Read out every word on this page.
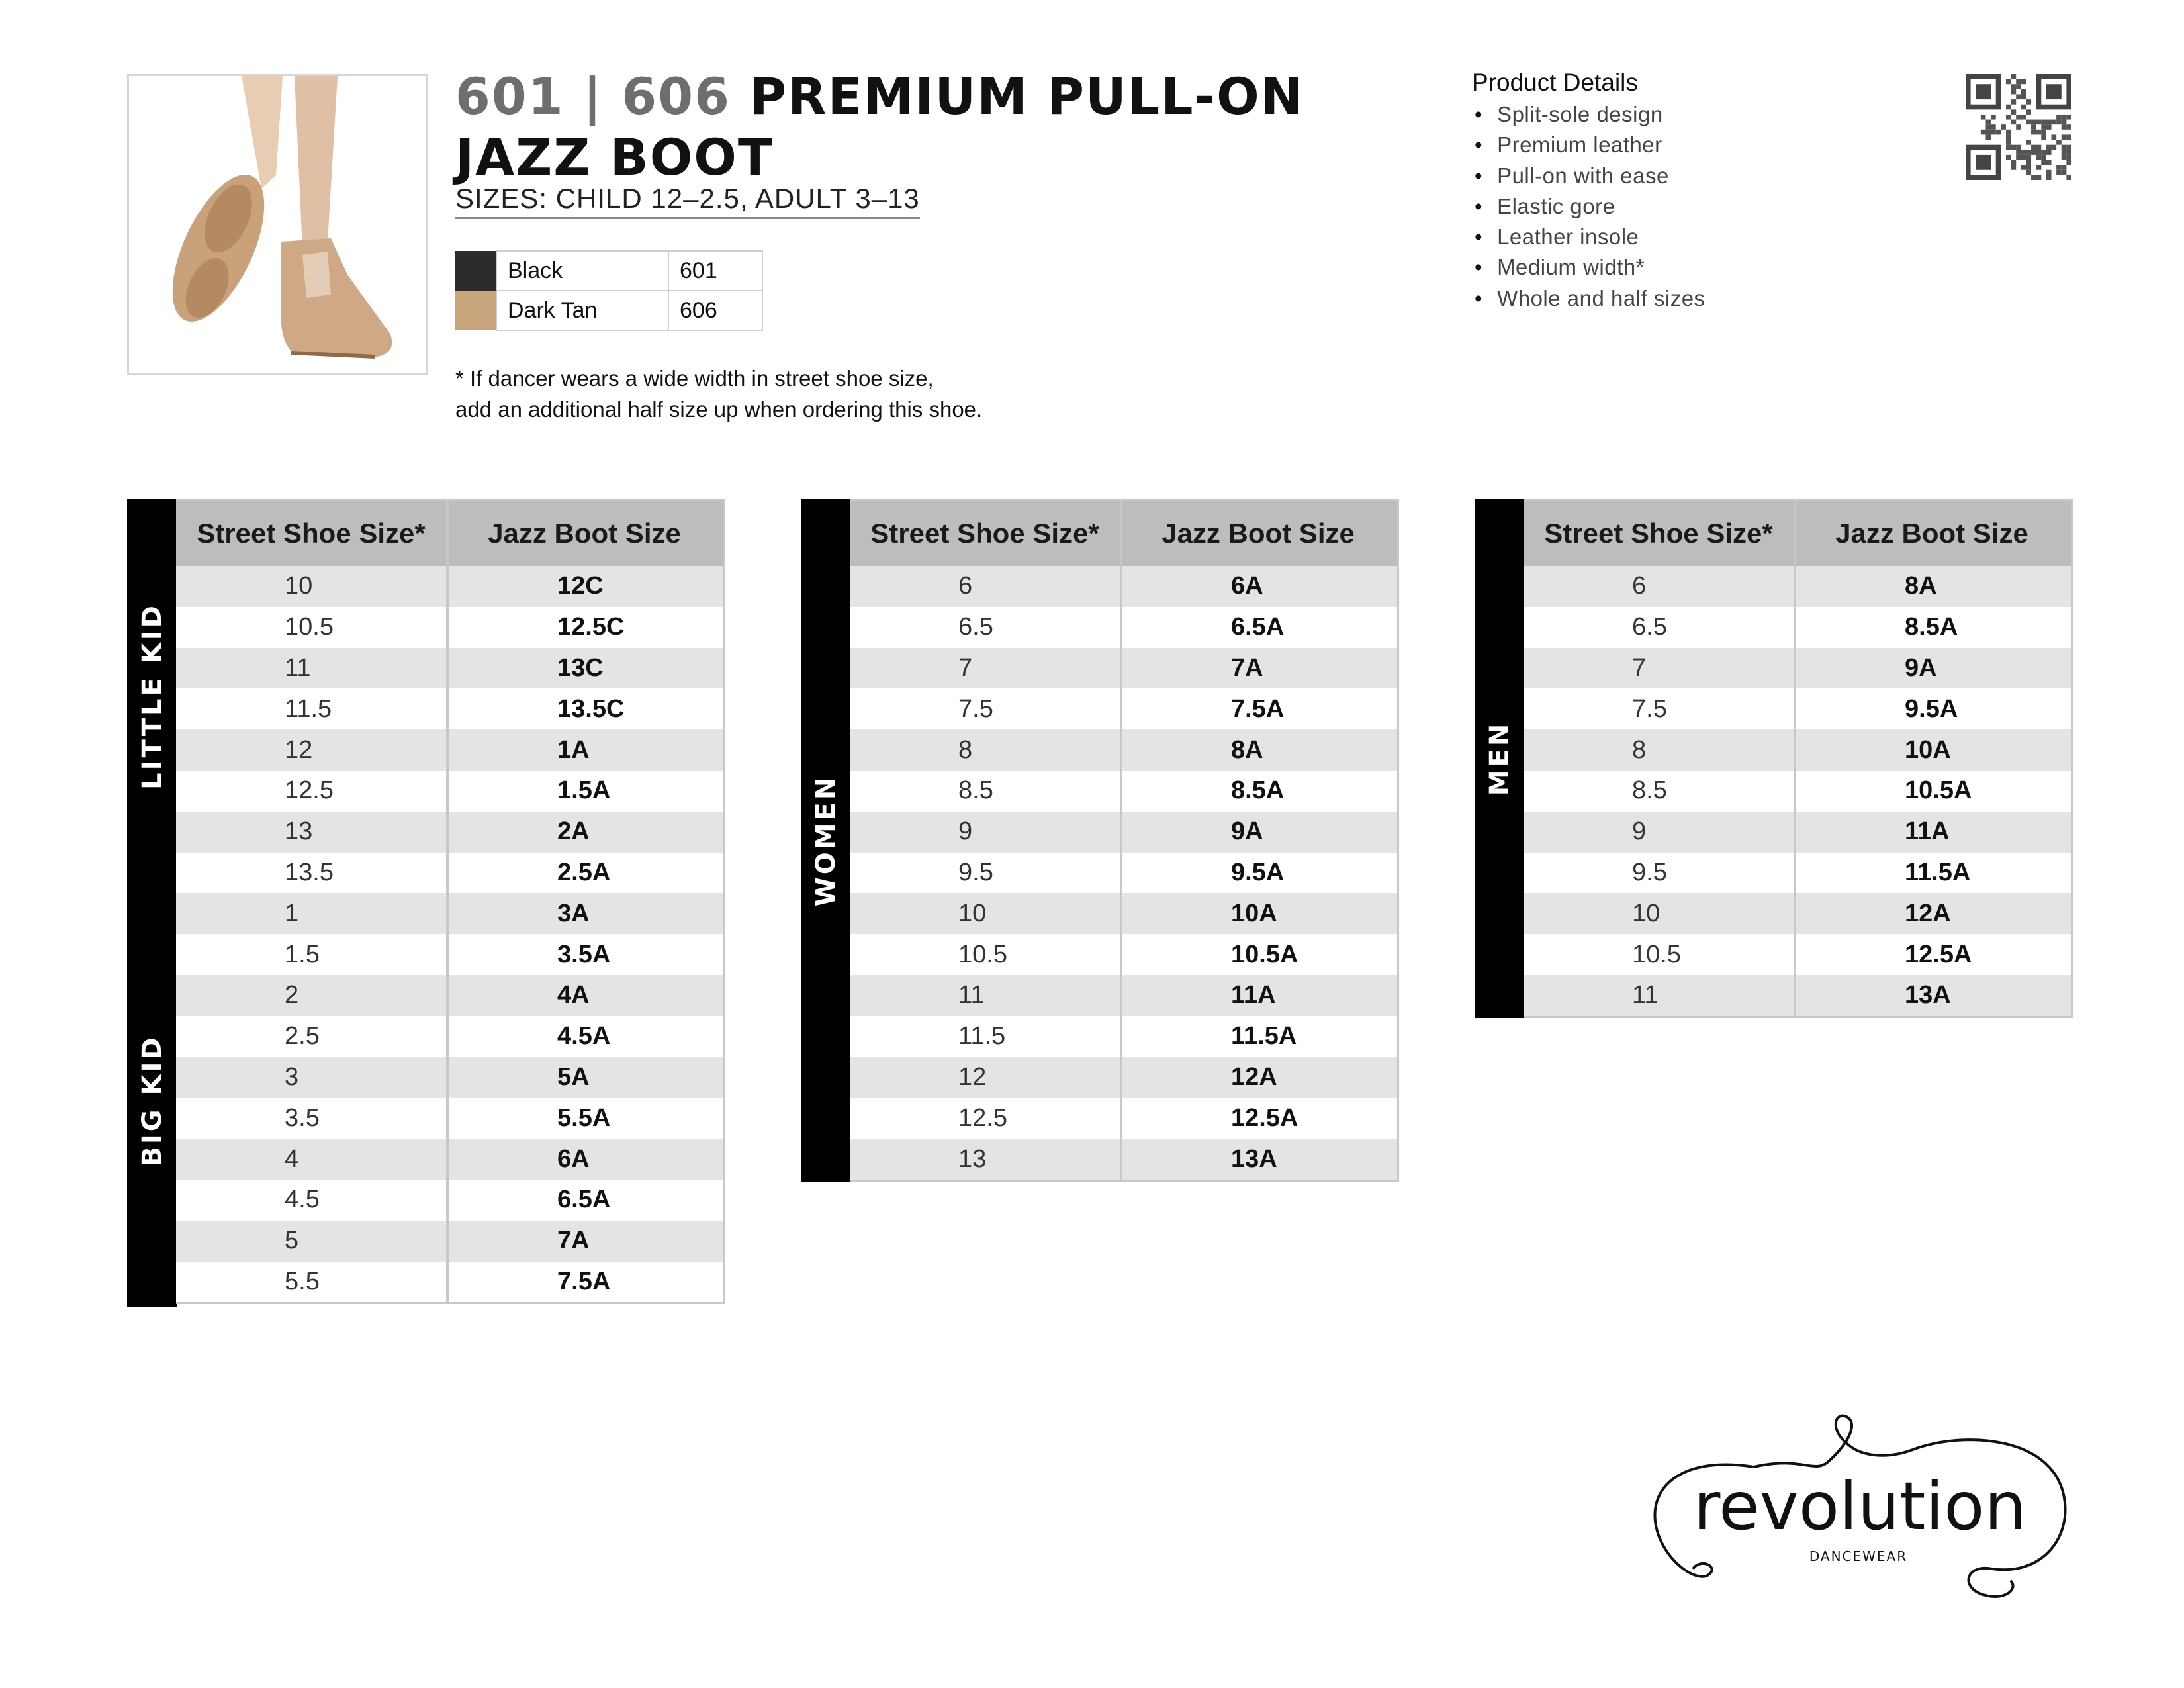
601 | 606 PREMIUM PULL-ON
JAZZ BOOT
SIZES: CHILD 12–2.5, ADULT 3–13
	Black	601
	Dark Tan	606
* If dancer wears a wide width in street shoe size,
add an additional half size up when ordering this shoe.
Product Details
• Split-sole design
• Premium leather
• Pull-on with ease
• Elastic gore
• Leather insole
• Medium width*
• Whole and half sizes
LITTLE KID
BIG KID
Street Shoe Size*	Jazz Boot Size
10	12C
10.5	12.5C
11	13C
11.5	13.5C
12	1A
12.5	1.5A
13	2A
13.5	2.5A
1	3A
1.5	3.5A
2	4A
2.5	4.5A
3	5A
3.5	5.5A
4	6A
4.5	6.5A
5	7A
5.5	7.5A
WOMEN
Street Shoe Size*	Jazz Boot Size
6	6A
6.5	6.5A
7	7A
7.5	7.5A
8	8A
8.5	8.5A
9	9A
9.5	9.5A
10	10A
10.5	10.5A
11	11A
11.5	11.5A
12	12A
12.5	12.5A
13	13A
MEN
Street Shoe Size*	Jazz Boot Size
6	8A
6.5	8.5A
7	9A
7.5	9.5A
8	10A
8.5	10.5A
9	11A
9.5	11.5A
10	12A
10.5	12.5A
11	13A
revolution
DANCEWEAR
